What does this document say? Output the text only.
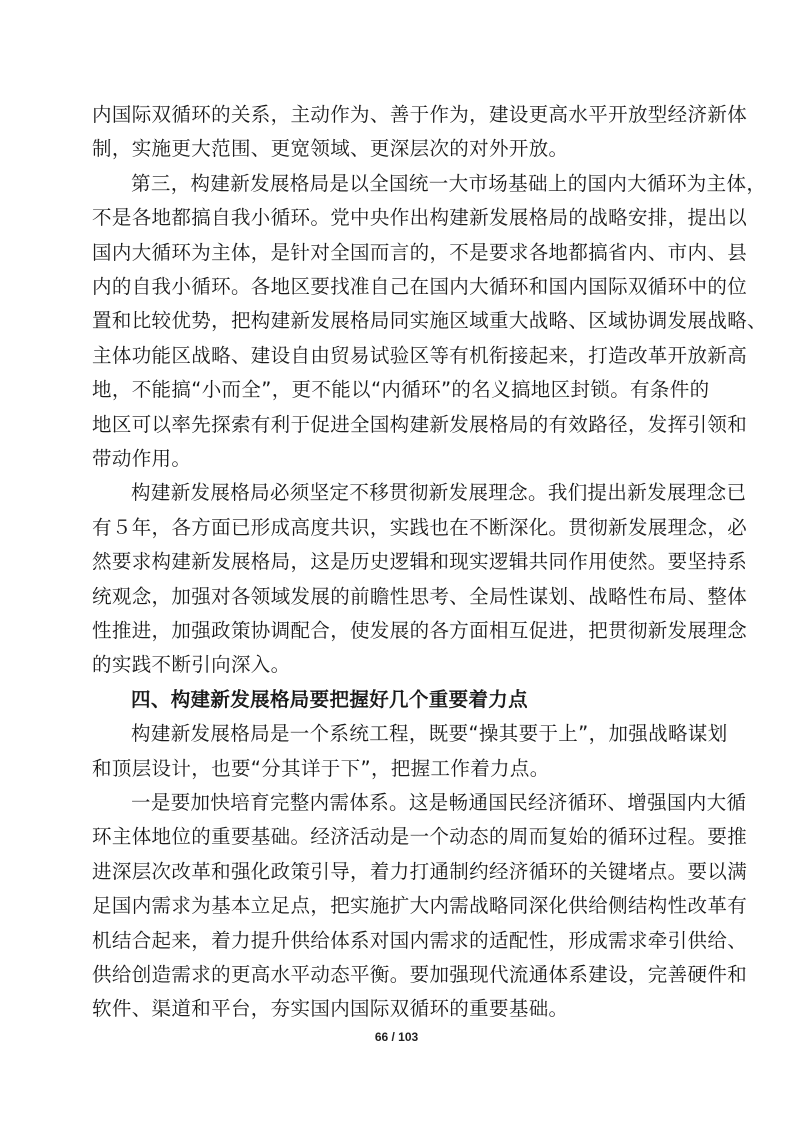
内国际双循环的关系，主动作为、善于作为，建设更高水平开放型经济新体
制，实施更大范围、更宽领域、更深层次的对外开放。
第三，构建新发展格局是以全国统一大市场基础上的国内大循环为主体，
不是各地都搞自我小循环。党中央作出构建新发展格局的战略安排，提出以
国内大循环为主体，是针对全国而言的，不是要求各地都搞省内、市内、县
内的自我小循环。各地区要找准自己在国内大循环和国内国际双循环中的位
置和比较优势，把构建新发展格局同实施区域重大战略、区域协调发展战略、
主体功能区战略、建设自由贸易试验区等有机衔接起来，打造改革开放新高
地，不能搞“小而全”，更不能以“内循环”的名义搞地区封锁。有条件的
地区可以率先探索有利于促进全国构建新发展格局的有效路径，发挥引领和
带动作用。
构建新发展格局必须坚定不移贯彻新发展理念。我们提出新发展理念已
有５年，各方面已形成高度共识，实践也在不断深化。贯彻新发展理念，必
然要求构建新发展格局，这是历史逻辑和现实逻辑共同作用使然。要坚持系
统观念，加强对各领域发展的前瞻性思考、全局性谋划、战略性布局、整体
性推进，加强政策协调配合，使发展的各方面相互促进，把贯彻新发展理念
的实践不断引向深入。
四、构建新发展格局要把握好几个重要着力点
构建新发展格局是一个系统工程，既要“操其要于上”，加强战略谋划
和顶层设计，也要“分其详于下”，把握工作着力点。
一是要加快培育完整内需体系。这是畅通国民经济循环、增强国内大循
环主体地位的重要基础。经济活动是一个动态的周而复始的循环过程。要推
进深层次改革和强化政策引导，着力打通制约经济循环的关键堵点。要以满
足国内需求为基本立足点，把实施扩大内需战略同深化供给侧结构性改革有
机结合起来，着力提升供给体系对国内需求的适配性，形成需求牵引供给、
供给创造需求的更高水平动态平衡。要加强现代流通体系建设，完善硬件和
软件、渠道和平台，夯实国内国际双循环的重要基础。
66 / 103
